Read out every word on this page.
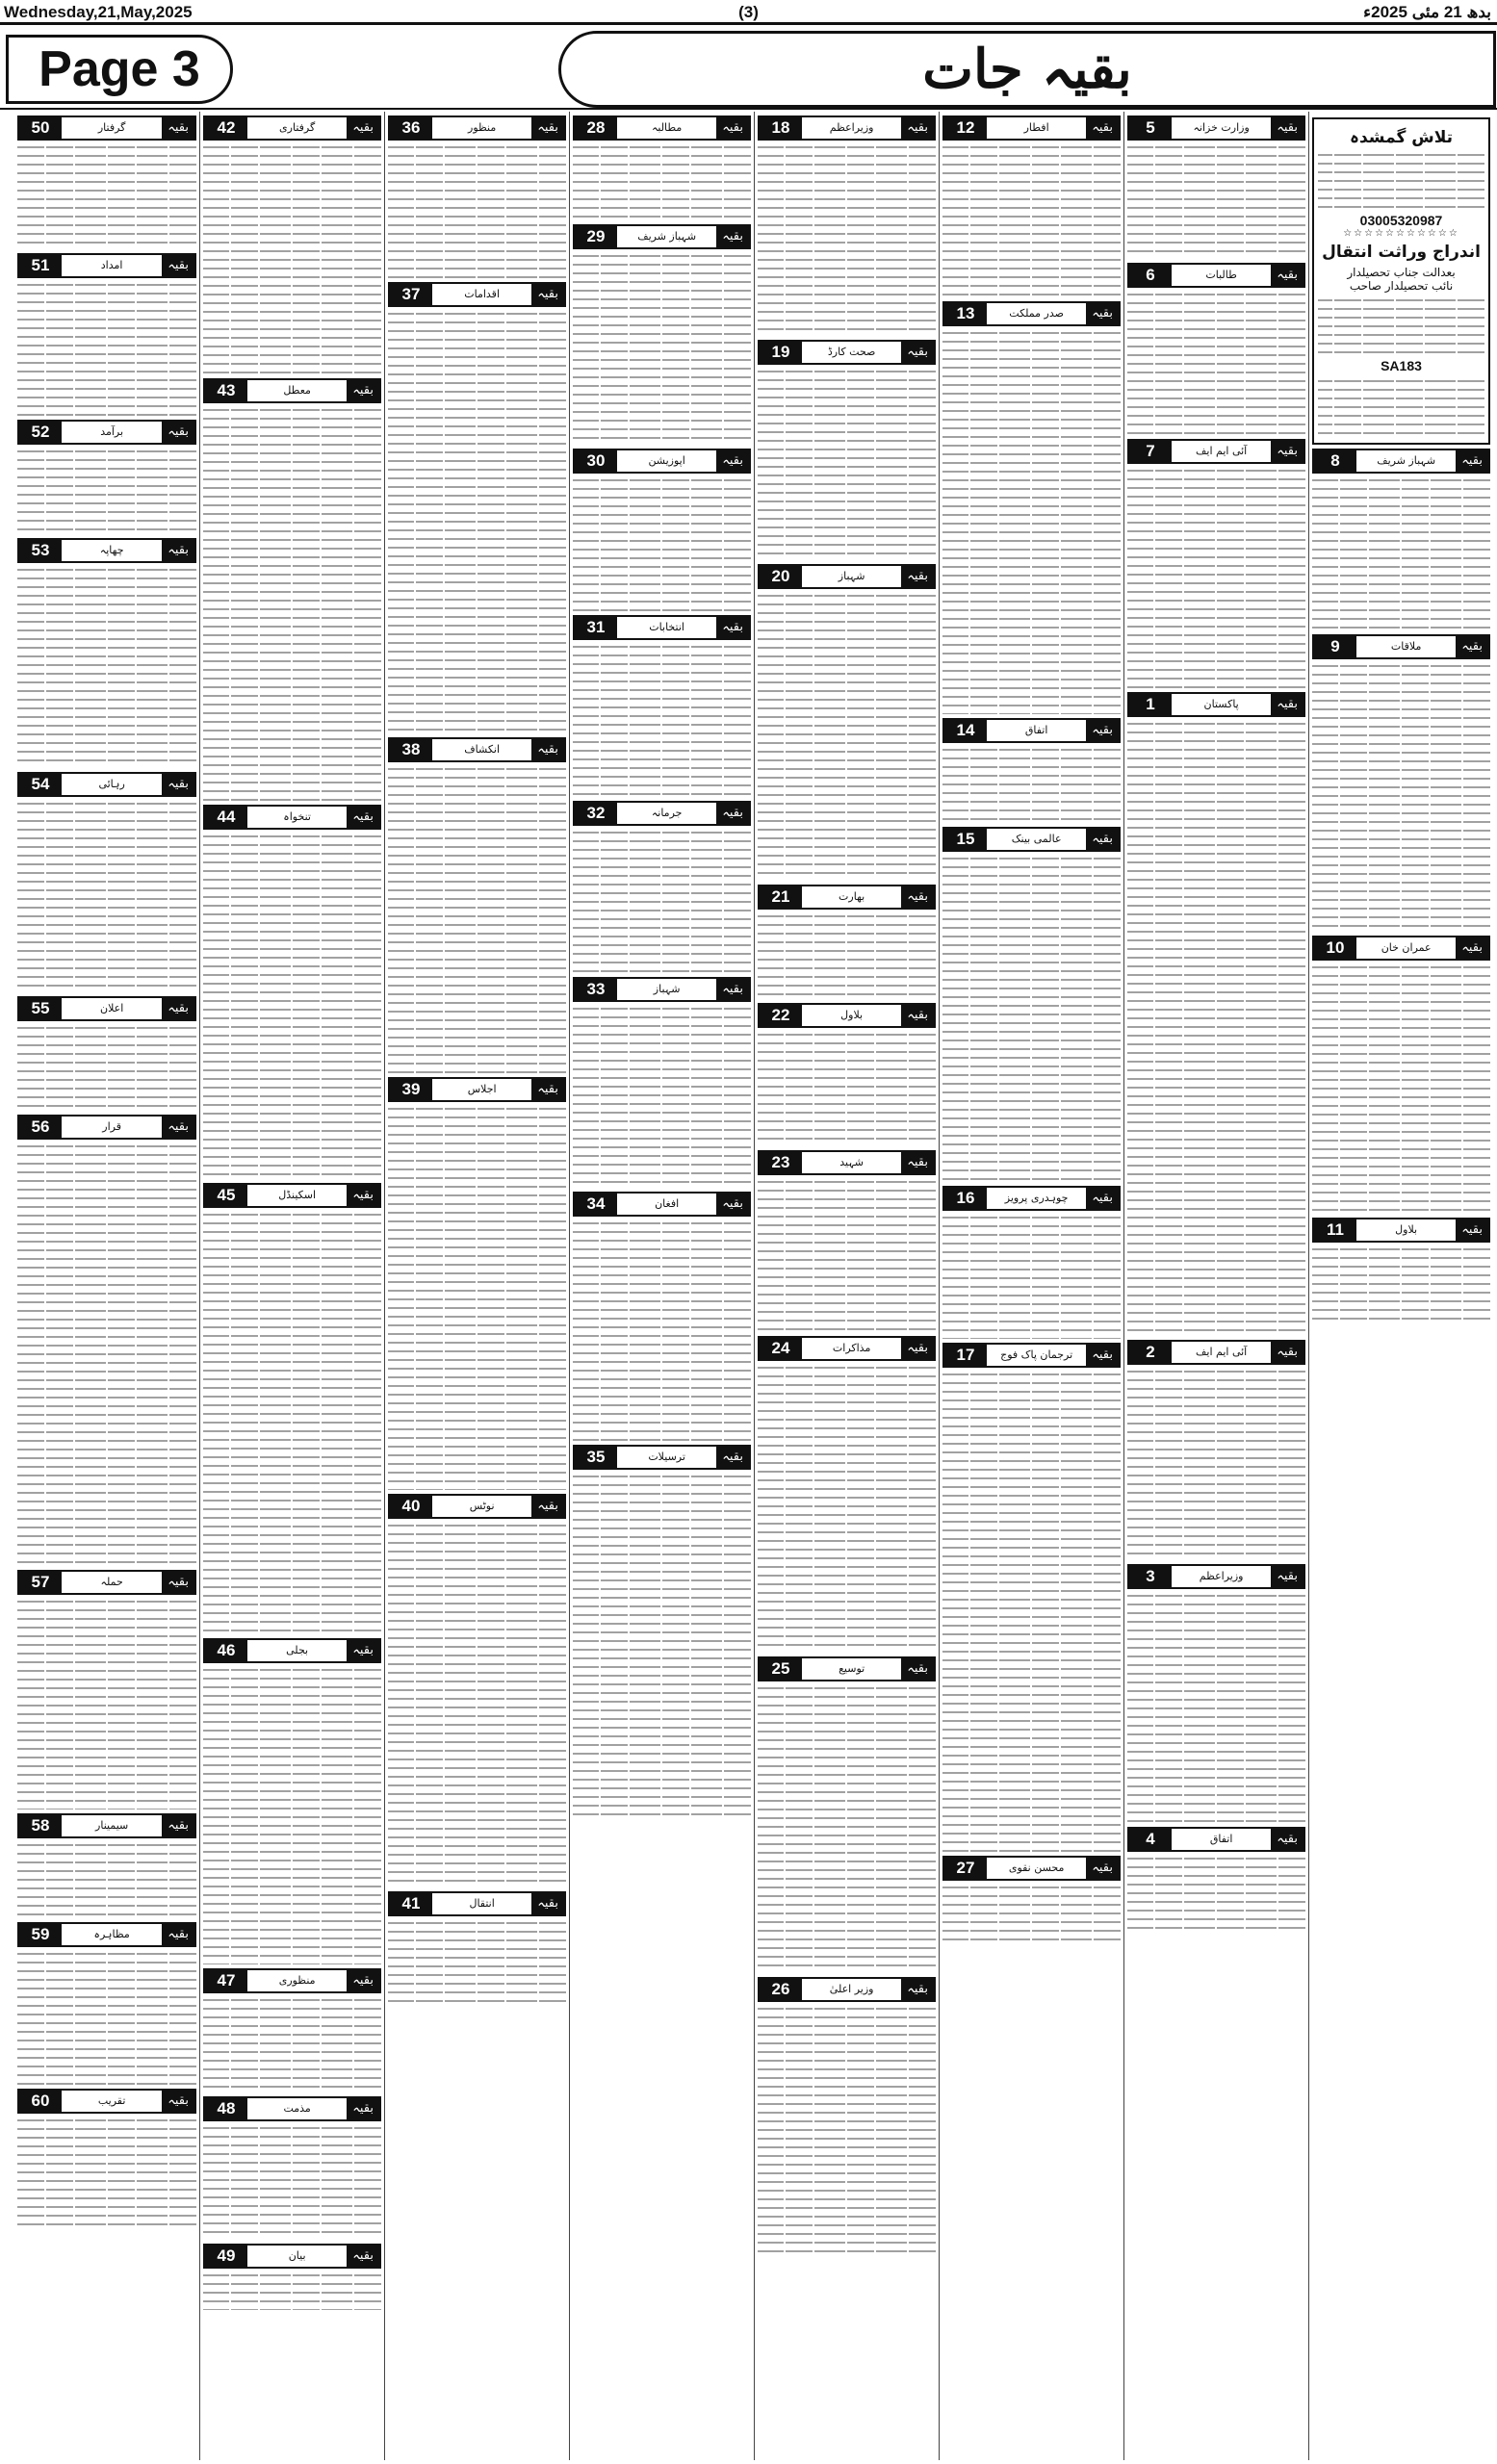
Wednesday,21,May,2025	(3)	بدھ 21 مئی 2025ء
Page 3	بقیہ جات
تلاش گمشدہ
03005320987
☆☆☆☆☆☆☆☆☆☆☆
اندراج وراثت انتقال
بعدالت جناب تحصیلدار
نائب تحصیلدار صاحب
SA183
بقیہ
شہباز شریف
8
بقیہ
ملاقات
9
بقیہ
عمران خان
10
بقیہ
بلاول
11
بقیہ
وزارت خزانہ
5
بقیہ
طالبات
6
بقیہ
آئی ایم ایف
7
بقیہ
پاکستان
1
بقیہ
آئی ایم ایف
2
بقیہ
وزیراعظم
3
بقیہ
اتفاق
4
بقیہ
افطار
12
بقیہ
صدر مملکت
13
بقیہ
اتفاق
14
بقیہ
عالمی بینک
15
بقیہ
چوہدری پرویز
16
بقیہ
ترجمان پاک فوج
17
بقیہ
محسن نقوی
27
بقیہ
وزیراعظم
18
بقیہ
صحت کارڈ
19
بقیہ
شہباز
20
بقیہ
بھارت
21
بقیہ
بلاول
22
بقیہ
شہید
23
بقیہ
مذاکرات
24
بقیہ
توسیع
25
بقیہ
وزیر اعلیٰ
26
بقیہ
مطالبہ
28
بقیہ
شہباز شریف
29
بقیہ
اپوزیشن
30
بقیہ
انتخابات
31
بقیہ
جرمانہ
32
بقیہ
شہباز
33
بقیہ
افغان
34
بقیہ
ترسیلات
35
بقیہ
منظور
36
بقیہ
اقدامات
37
بقیہ
انکشاف
38
بقیہ
اجلاس
39
بقیہ
نوٹس
40
بقیہ
انتقال
41
بقیہ
گرفتاری
42
بقیہ
معطل
43
بقیہ
تنخواہ
44
بقیہ
اسکینڈل
45
بقیہ
بجلی
46
بقیہ
منظوری
47
بقیہ
مذمت
48
بقیہ
بیان
49
بقیہ
گرفتار
50
بقیہ
امداد
51
بقیہ
برآمد
52
بقیہ
چھاپہ
53
بقیہ
رہائی
54
بقیہ
اعلان
55
بقیہ
قرار
56
بقیہ
حملہ
57
بقیہ
سیمینار
58
بقیہ
مظاہرہ
59
بقیہ
تقریب
60
